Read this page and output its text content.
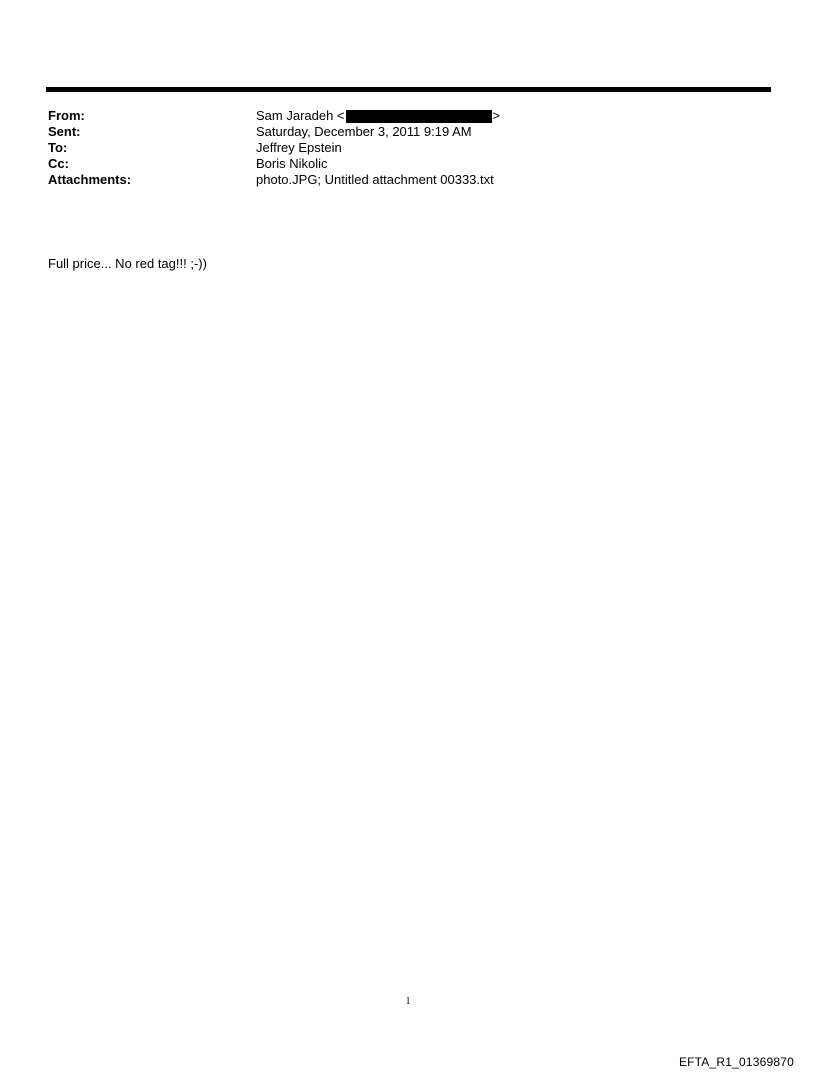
From:	Sam Jaradeh <	>
Sent:	Saturday, December 3, 2011 9:19 AM
To:	Jeffrey Epstein
Cc:	Boris Nikolic
Attachments:	photo.JPG; Untitled attachment 00333.txt
Full price... No red tag!!! ;-))
1
EFTA_R1_01369870
